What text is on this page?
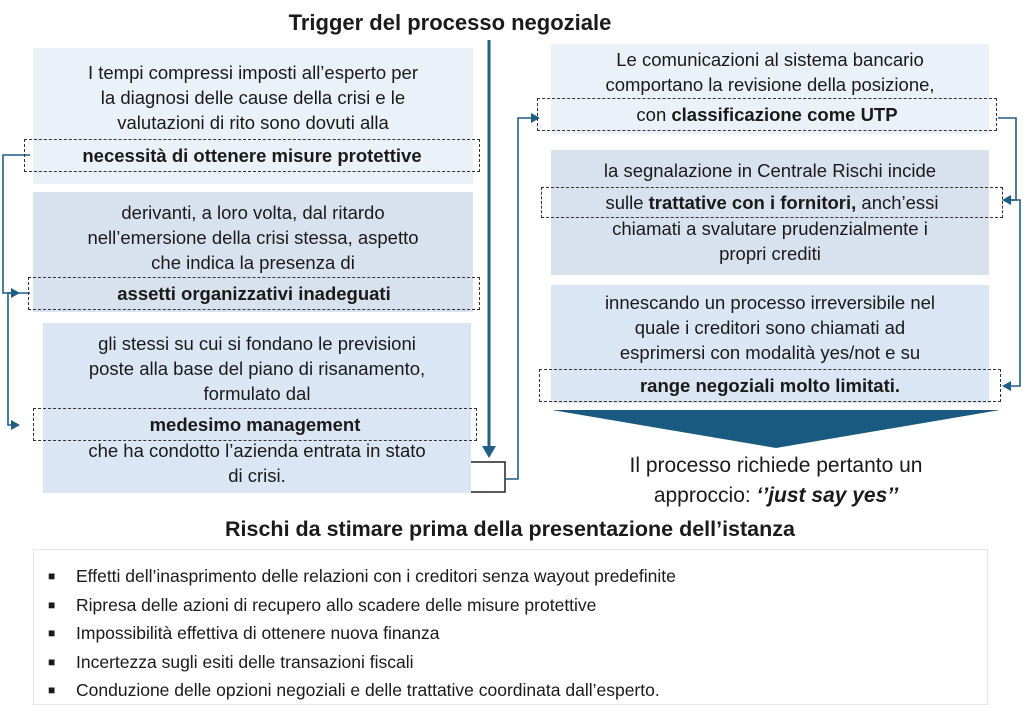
Trigger del processo negoziale
I tempi compressi imposti all’esperto per
la diagnosi delle cause della crisi e le
valutazioni di rito sono dovuti alla
necessità di ottenere misure protettive
derivanti, a loro volta, dal ritardo
nell’emersione della crisi stessa, aspetto
che indica la presenza di
assetti organizzativi inadeguati
gli stessi su cui si fondano le previsioni
poste alla base del piano di risanamento,
formulato dal
che ha condotto l’azienda entrata in stato
di crisi.
medesimo management
Le comunicazioni al sistema bancario
comportano la revisione della posizione,
con classificazione come UTP
la segnalazione in Centrale Rischi incide
chiamati a svalutare prudenzialmente i
propri crediti
sulle trattative con i fornitori, anch’essi
innescando un processo irreversibile nel
quale i creditori sono chiamati ad
esprimersi con modalità yes/not e su
range negoziali molto limitati.
Il processo richiede pertanto un
approccio: ‘’just say yes’’
Rischi da stimare prima della presentazione dell’istanza
■ Effetti dell’inasprimento delle relazioni con i creditori senza wayout predefinite
■ Ripresa delle azioni di recupero allo scadere delle misure protettive
■ Impossibilità effettiva di ottenere nuova finanza
■ Incertezza sugli esiti delle transazioni fiscali
■ Conduzione delle opzioni negoziali e delle trattative coordinata dall’esperto.
